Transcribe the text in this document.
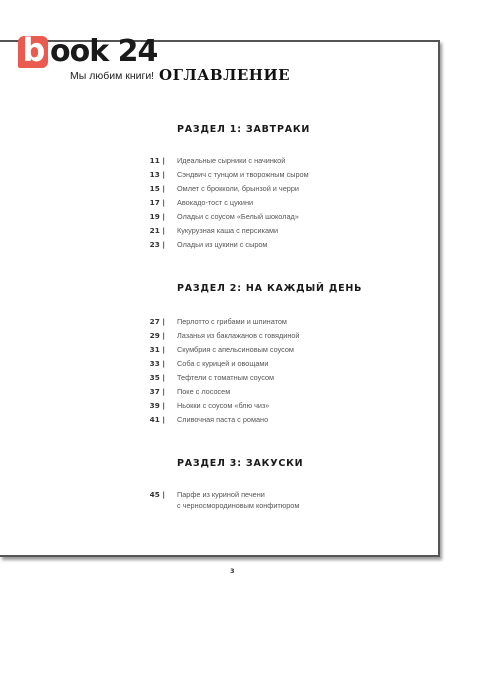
b ook 24
Мы любим книги! ОГЛАВЛЕНИЕ
РАЗДЕЛ 1: ЗАВТРАКИ
11 | Идеальные сырники с начинкой
13 | Сэндвич с тунцом и творожным сыром
15 | Омлет с брокколи, брынзой и черри
17 | Авокадо-тост с цукини
19 | Оладьи с соусом «Белый шоколад»
21 | Кукурузная каша с персиками
23 | Оладьи из цукини с сыром
РАЗДЕЛ 2: НА КАЖДЫЙ ДЕНЬ
27 | Перлотто с грибами и шпинатом
29 | Лазанья из баклажанов с говядиной
31 | Скумбрия с апельсиновым соусом
33 | Соба с курицей и овощами
35 | Тефтели с томатным соусом
37 | Поке с лососем
39 | Ньокки с соусом «блю чиз»
41 | Сливочная паста с романо
РАЗДЕЛ 3: ЗАКУСКИ
45 | Парфе из куриной печени
с черносмородиновым конфитюром
3
